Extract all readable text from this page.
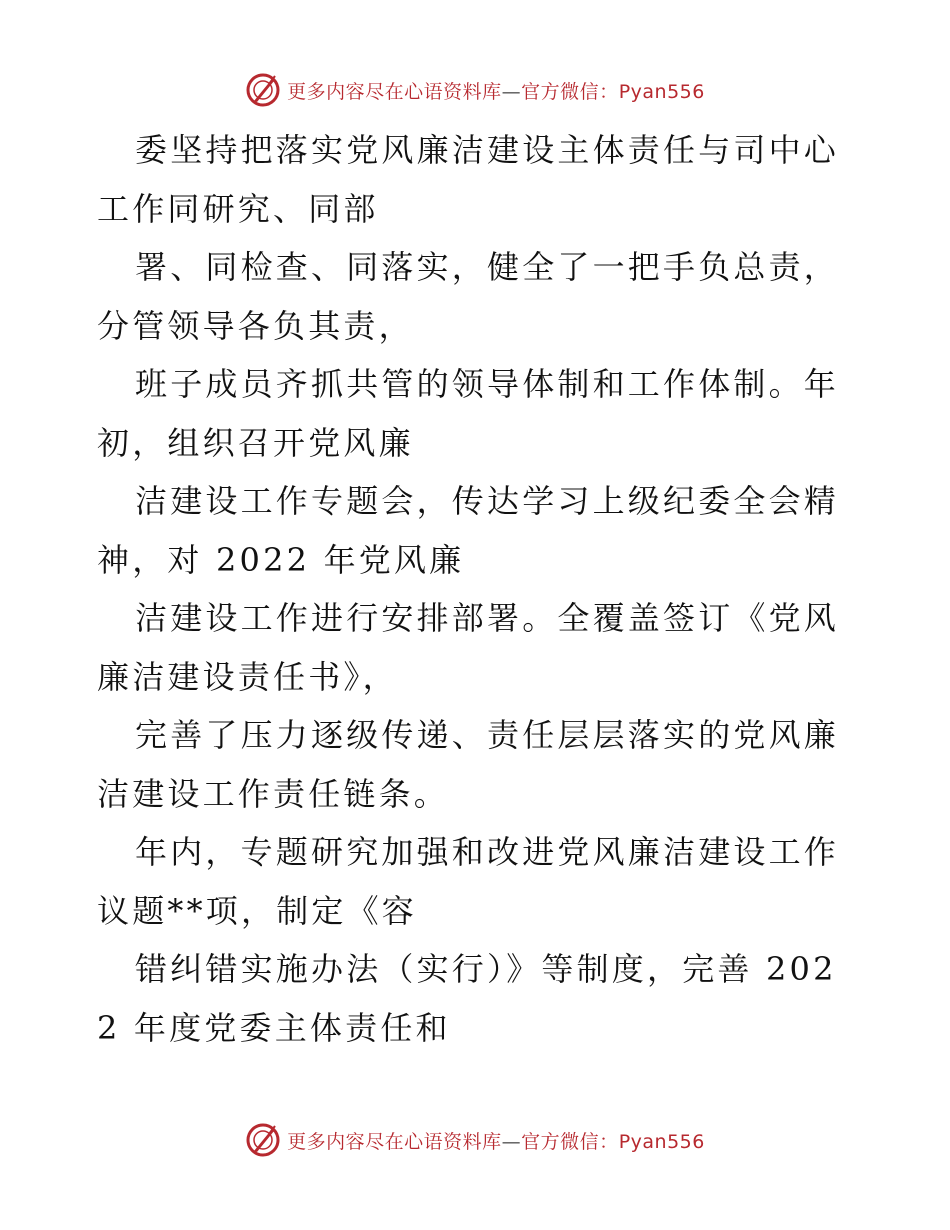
更多内容尽在心语资料库—官方微信：Pyan556

委坚持把落实党风廉洁建设主体责任与司中心工作同研究、同部

署、同检查、同落实，健全了一把手负总责，分管领导各负其责，

班子成员齐抓共管的领导体制和工作体制。年初，组织召开党风廉

洁建设工作专题会，传达学习上级纪委全会精神，对 2022 年党风廉

洁建设工作进行安排部署。全覆盖签订《党风廉洁建设责任书》，

完善了压力逐级传递、责任层层落实的党风廉洁建设工作责任链条。

年内，专题研究加强和改进党风廉洁建设工作议题**项，制定《容

错纠错实施办法（实行）》等制度，完善 2022 年度党委主体责任和

更多内容尽在心语资料库—官方微信：Pyan556
